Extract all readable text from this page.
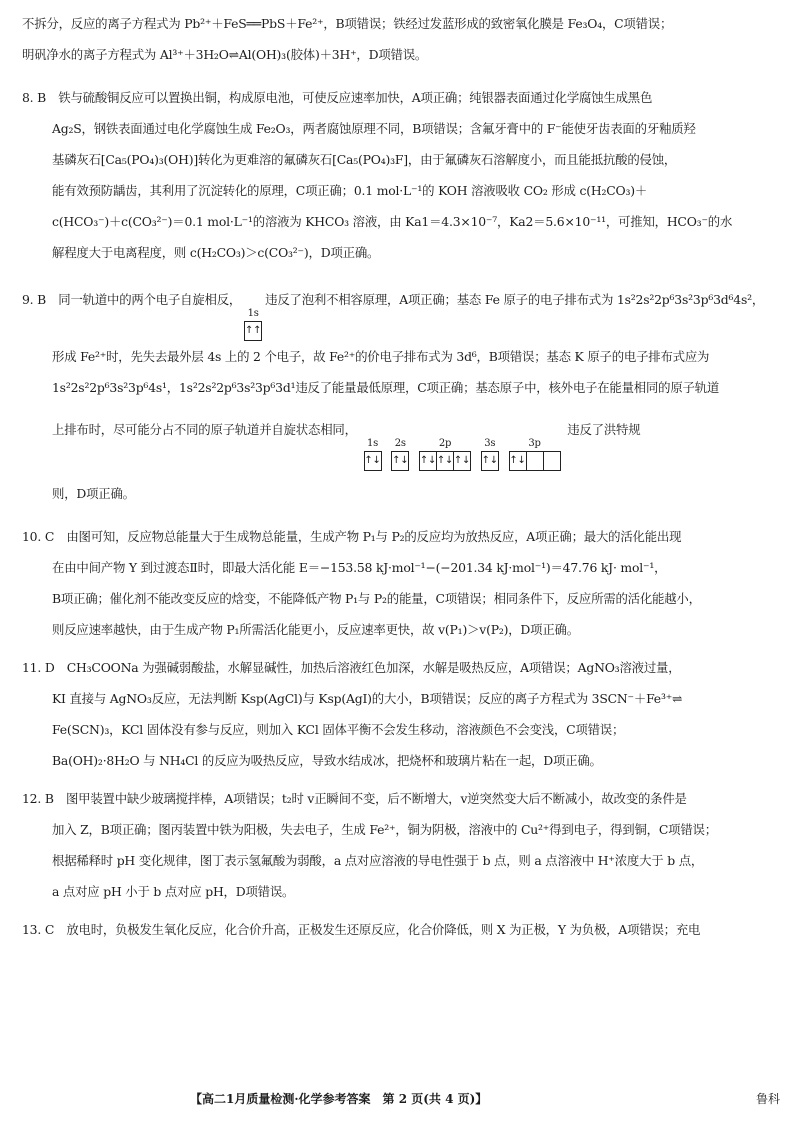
不拆分，反应的离子方程式为 Pb²⁺＋FeS══PbS＋Fe²⁺，B项错误；铁经过发蓝形成的致密氧化膜是 Fe₃O₄，C项错误；

明矾净水的离子方程式为 Al³⁺＋3H₂O⇌Al(OH)₃(胶体)＋3H⁺，D项错误。

8. B　铁与硫酸铜反应可以置换出铜，构成原电池，可使反应速率加快，A项正确；纯银器表面通过化学腐蚀生成黑色

Ag₂S，钢铁表面通过电化学腐蚀生成 Fe₂O₃，两者腐蚀原理不同，B项错误；含氟牙膏中的 F⁻能使牙齿表面的牙釉质羟

基磷灰石[Ca₅(PO₄)₃(OH)]转化为更难溶的氟磷灰石[Ca₅(PO₄)₃F]，由于氟磷灰石溶解度小，而且能抵抗酸的侵蚀，

能有效预防龋齿，其利用了沉淀转化的原理，C项正确；0.1 mol·L⁻¹的 KOH 溶液吸收 CO₂ 形成 c(H₂CO₃)＋

c(HCO₃⁻)＋c(CO₃²⁻)＝0.1 mol·L⁻¹的溶液为 KHCO₃ 溶液，由 Ka1＝4.3×10⁻⁷，Ka2＝5.6×10⁻¹¹，可推知，HCO₃⁻的水

解程度大于电离程度，则 c(H₂CO₃)＞c(CO₃²⁻)，D项正确。

9. B　同一轨道中的两个电子自旋相反，
1s
↑↑
违反了泡利不相容原理，A项正确；基态 Fe 原子的电子排布式为 1s²2s²2p⁶3s²3p⁶3d⁶4s²，

形成 Fe²⁺时，先失去最外层 4s 上的 2 个电子，故 Fe²⁺的价电子排布式为 3d⁶，B项错误；基态 K 原子的电子排布式应为

1s²2s²2p⁶3s²3p⁶4s¹，1s²2s²2p⁶3s²3p⁶3d¹违反了能量最低原理，C项正确；基态原子中，核外电子在能量相同的原子轨道

上排布时，尽可能分占不同的原子轨道并自旋状态相同，
1s
↑↓

2s
↑↓

2p
↑↓ ↑↓ ↑↓

3s
↑↓

3p
↑↓
违反了洪特规

则，D项正确。

10. C　由图可知，反应物总能量大于生成物总能量，生成产物 P₁与 P₂的反应均为放热反应，A项正确；最大的活化能出现

在由中间产物 Y 到过渡态Ⅱ时，即最大活化能 E＝−153.58 kJ·mol⁻¹−(−201.34 kJ·mol⁻¹)＝47.76 kJ· mol⁻¹，

B项正确；催化剂不能改变反应的焓变，不能降低产物 P₁与 P₂的能量，C项错误；相同条件下，反应所需的活化能越小，

则反应速率越快，由于生成产物 P₁所需活化能更小，反应速率更快，故 v(P₁)＞v(P₂)，D项正确。

11. D　CH₃COONa 为强碱弱酸盐，水解显碱性，加热后溶液红色加深，水解是吸热反应，A项错误；AgNO₃溶液过量，

KI 直接与 AgNO₃反应，无法判断 Ksp(AgCl)与 Ksp(AgI)的大小，B项错误；反应的离子方程式为 3SCN⁻＋Fe³⁺⇌

Fe(SCN)₃，KCl 固体没有参与反应，则加入 KCl 固体平衡不会发生移动，溶液颜色不会变浅，C项错误；

Ba(OH)₂·8H₂O 与 NH₄Cl 的反应为吸热反应，导致水结成冰，把烧杯和玻璃片粘在一起，D项正确。

12. B　图甲装置中缺少玻璃搅拌棒，A项错误；t₂时 v正瞬间不变，后不断增大，v逆突然变大后不断减小，故改变的条件是

加入 Z，B项正确；图丙装置中铁为阳极，失去电子，生成 Fe²⁺，铜为阴极，溶液中的 Cu²⁺得到电子，得到铜，C项错误；

根据稀释时 pH 变化规律，图丁表示氢氟酸为弱酸，a 点对应溶液的导电性强于 b 点，则 a 点溶液中 H⁺浓度大于 b 点，

a 点对应 pH 小于 b 点对应 pH，D项错误。

13. C　放电时，负极发生氧化反应，化合价升高，正极发生还原反应，化合价降低，则 X 为正极，Y 为负极，A项错误；充电

【高二1月质量检测·化学参考答案　第 2 页(共 4 页)】	鲁科
